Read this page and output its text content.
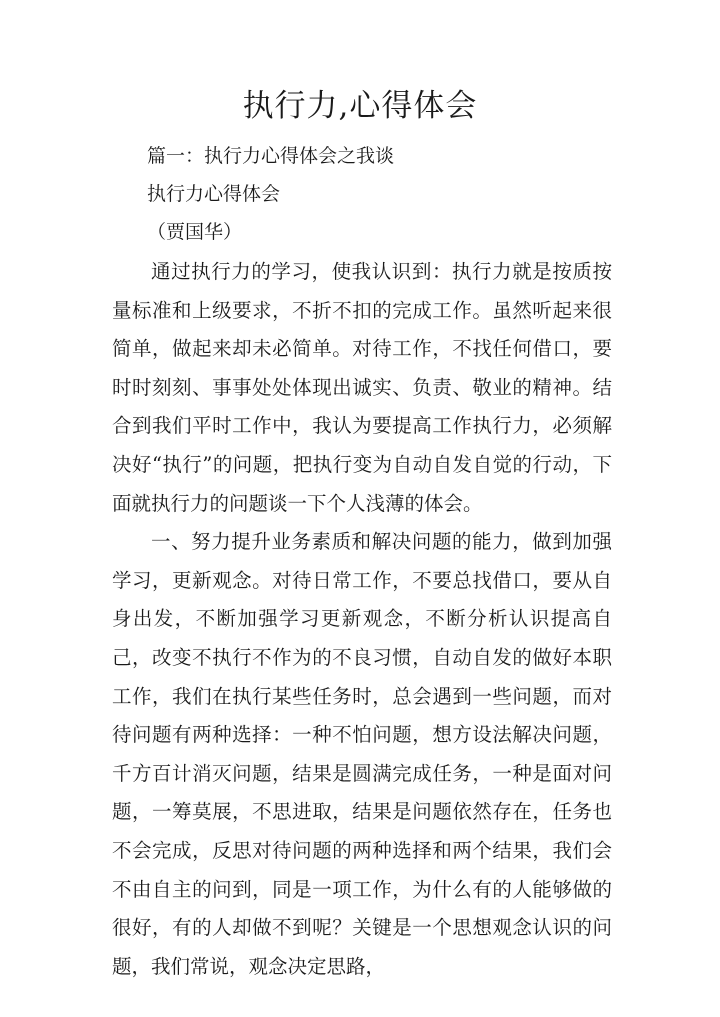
执行力,心得体会
篇一：执行力心得体会之我谈
执行力心得体会
（贾国华）

通过执行力的学习，使我认识到：执行力就是按质按量标准和上级要求，不折不扣的完成工作。虽然听起来很简单，做起来却未必简单。对待工作，不找任何借口，要时时刻刻、事事处处体现出诚实、负责、敬业的精神。结合到我们平时工作中，我认为要提高工作执行力，必须解决好“执行”的问题，把执行变为自动自发自觉的行动，下面就执行力的问题谈一下个人浅薄的体会。

一、努力提升业务素质和解决问题的能力，做到加强学习，更新观念。对待日常工作，不要总找借口，要从自身出发，不断加强学习更新观念，不断分析认识提高自己，改变不执行不作为的不良习惯，自动自发的做好本职工作，我们在执行某些任务时，总会遇到一些问题，而对待问题有两种选择：一种不怕问题，想方设法解决问题，千方百计消灭问题，结果是圆满完成任务，一种是面对问题，一筹莫展，不思进取，结果是问题依然存在，任务也不会完成，反思对待问题的两种选择和两个结果，我们会不由自主的问到，同是一项工作，为什么有的人能够做的很好，有的人却做不到呢？关键是一个思想观念认识的问题，我们常说，观念决定思路，
